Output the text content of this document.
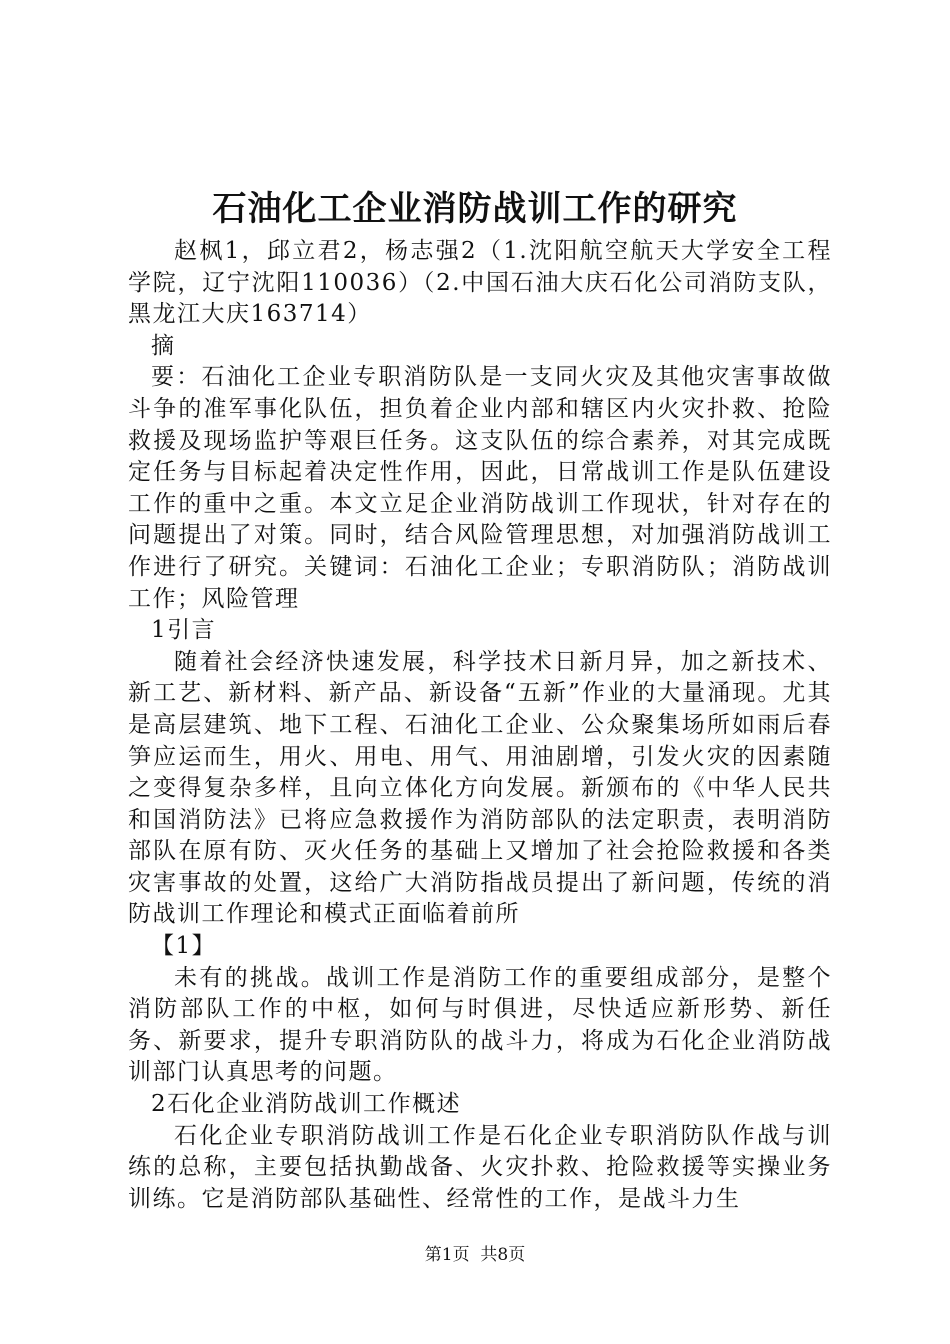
石油化工企业消防战训工作的研究

赵枫1，邱立君2，杨志强2（1.沈阳航空航天大学安全工程学院，辽宁沈阳110036）（2.中国石油大庆石化公司消防支队，黑龙江大庆163714）

摘

要：石油化工企业专职消防队是一支同火灾及其他灾害事故做斗争的准军事化队伍，担负着企业内部和辖区内火灾扑救、抢险救援及现场监护等艰巨任务。这支队伍的综合素养，对其完成既定任务与目标起着决定性作用，因此，日常战训工作是队伍建设工作的重中之重。本文立足企业消防战训工作现状，针对存在的问题提出了对策。同时，结合风险管理思想，对加强消防战训工作进行了研究。关键词：石油化工企业；专职消防队；消防战训工作；风险管理

1引言

随着社会经济快速发展，科学技术日新月异，加之新技术、新工艺、新材料、新产品、新设备“五新”作业的大量涌现。尤其是高层建筑、地下工程、石油化工企业、公众聚集场所如雨后春笋应运而生，用火、用电、用气、用油剧增，引发火灾的因素随之变得复杂多样，且向立体化方向发展。新颁布的《中华人民共和国消防法》已将应急救援作为消防部队的法定职责，表明消防部队在原有防、灭火任务的基础上又增加了社会抢险救援和各类灾害事故的处置，这给广大消防指战员提出了新问题，传统的消防战训工作理论和模式正面临着前所

【1】

未有的挑战。战训工作是消防工作的重要组成部分，是整个消防部队工作的中枢，如何与时俱进，尽快适应新形势、新任务、新要求，提升专职消防队的战斗力，将成为石化企业消防战训部门认真思考的问题。

2石化企业消防战训工作概述

石化企业专职消防战训工作是石化企业专职消防队作战与训练的总称，主要包括执勤战备、火灾扑救、抢险救援等实操业务训练。它是消防部队基础性、经常性的工作，是战斗力生

第1页 共8页
